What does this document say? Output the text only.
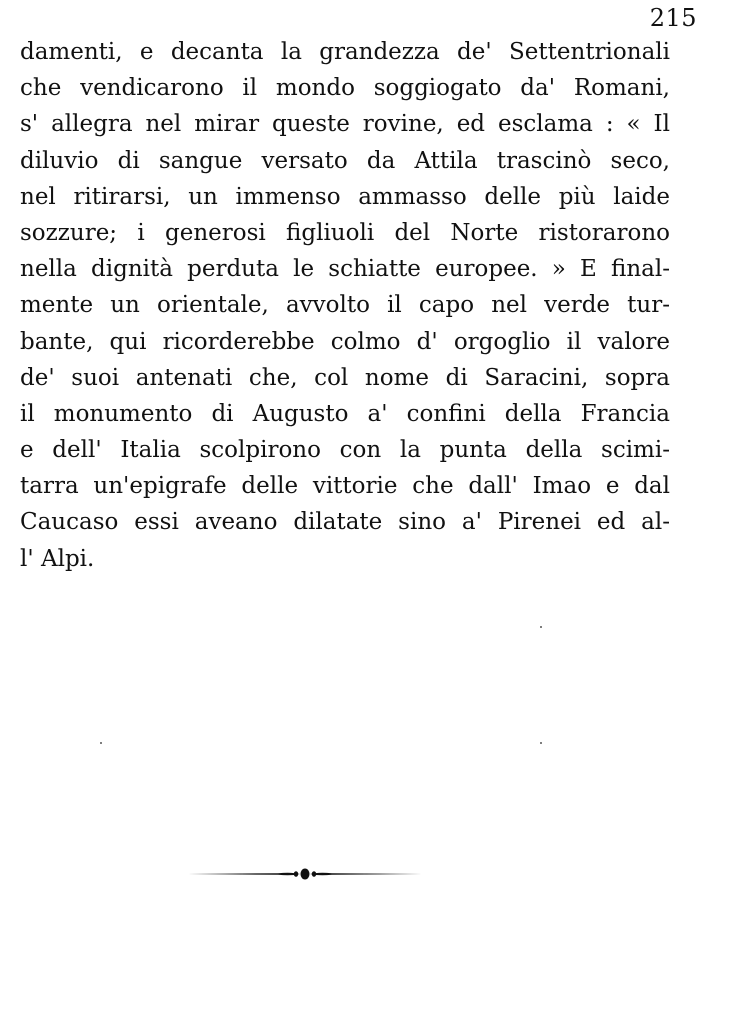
215
damenti, e decanta la grandezza de' Settentrionali
che vendicarono il mondo soggiogato da' Romani,
s' allegra nel mirar queste rovine, ed esclama : « Il
diluvio di sangue versato da Attila trascinò seco,
nel ritirarsi, un immenso ammasso delle più laide
sozzure; i generosi figliuoli del Norte ristorarono
nella dignità perduta le schiatte europee. » E final-
mente un orientale, avvolto il capo nel verde tur-
bante, qui ricorderebbe colmo d' orgoglio il valore
de' suoi antenati che, col nome di Saracini, sopra
il monumento di Augusto a' confini della Francia
e dell' Italia scolpirono con la punta della scimi-
tarra un'epigrafe delle vittorie che dall' Imao e dal
Caucaso essi aveano dilatate sino a' Pirenei ed al-
l' Alpi.
